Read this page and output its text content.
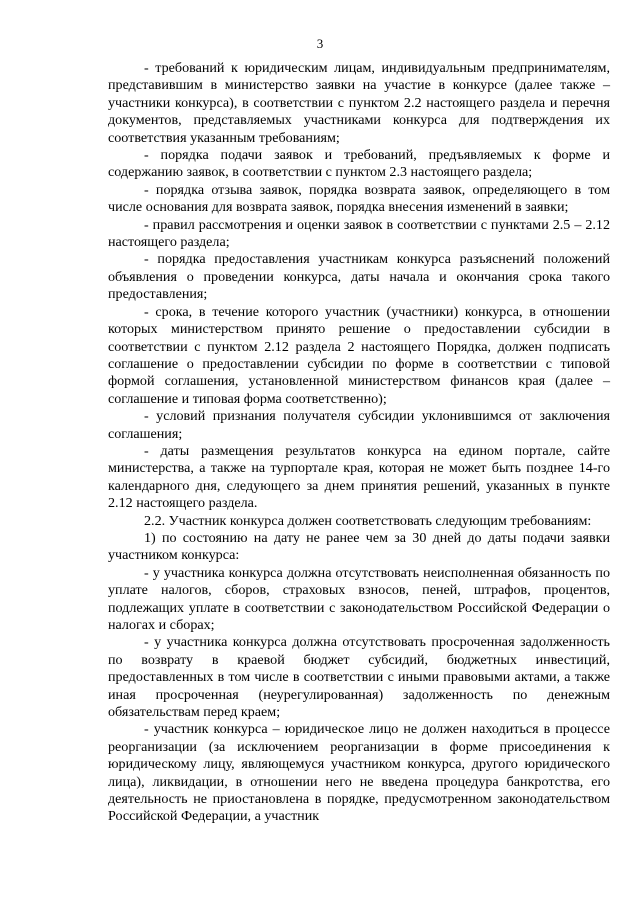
3

- требований к юридическим лицам, индивидуальным предпринимателям, представившим в министерство заявки на участие в конкурсе (далее также – участники конкурса), в соответствии с пунктом 2.2 настоящего раздела и перечня документов, представляемых участниками конкурса для подтверждения их соответствия указанным требованиям;

- порядка подачи заявок и требований, предъявляемых к форме и содержанию заявок, в соответствии с пунктом 2.3 настоящего раздела;

- порядка отзыва заявок, порядка возврата заявок, определяющего в том числе основания для возврата заявок, порядка внесения изменений в заявки;

- правил рассмотрения и оценки заявок в соответствии с пунктами 2.5 – 2.12 настоящего раздела;

- порядка предоставления участникам конкурса разъяснений положений объявления о проведении конкурса, даты начала и окончания срока такого предоставления;

- срока, в течение которого участник (участники) конкурса, в отношении которых министерством принято решение о предоставлении субсидии в соответствии с пунктом 2.12 раздела 2 настоящего Порядка, должен подписать соглашение о предоставлении субсидии по форме в соответствии с типовой формой соглашения, установленной министерством финансов края (далее – соглашение и типовая форма соответственно);

- условий признания получателя субсидии уклонившимся от заключения соглашения;

- даты размещения результатов конкурса на едином портале, сайте министерства, а также на турпортале края, которая не может быть позднее 14-го календарного дня, следующего за днем принятия решений, указанных в пункте 2.12 настоящего раздела.

2.2. Участник конкурса должен соответствовать следующим требованиям:

1) по состоянию на дату не ранее чем за 30 дней до даты подачи заявки участником конкурса:

- у участника конкурса должна отсутствовать неисполненная обязанность по уплате налогов, сборов, страховых взносов, пеней, штрафов, процентов, подлежащих уплате в соответствии с законодательством Российской Федерации о налогах и сборах;

- у участника конкурса должна отсутствовать просроченная задолженность по возврату в краевой бюджет субсидий, бюджетных инвестиций, предоставленных в том числе в соответствии с иными правовыми актами, а также иная просроченная (неурегулированная) задолженность по денежным обязательствам перед краем;

- участник конкурса – юридическое лицо не должен находиться в процессе реорганизации (за исключением реорганизации в форме присоединения к юридическому лицу, являющемуся участником конкурса, другого юридического лица), ликвидации, в отношении него не введена процедура банкротства, его деятельность не приостановлена в порядке, предусмотренном законодательством Российской Федерации, а участник
